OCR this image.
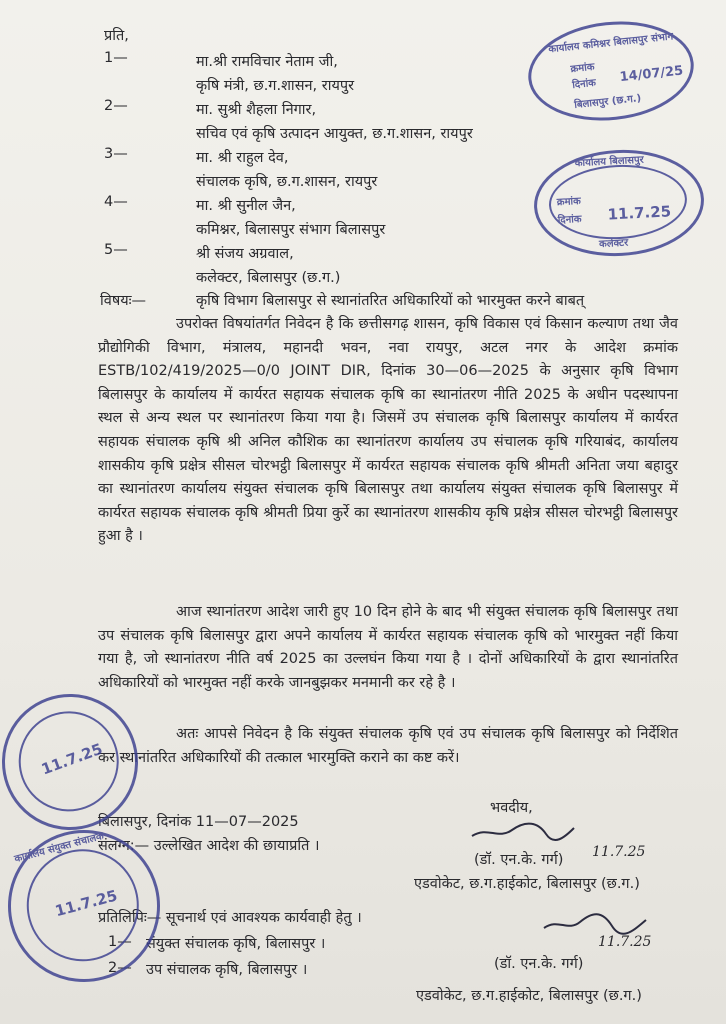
प्रति,
1—	मा.श्री रामविचार नेताम जी,
कृषि मंत्री, छ.ग.शासन, रायपुर
2—	मा. सुश्री शैहला निगार,
सचिव एवं कृषि उत्पादन आयुक्त, छ.ग.शासन, रायपुर
3—	मा. श्री राहुल देव,
संचालक कृषि, छ.ग.शासन, रायपुर
4—	मा. श्री सुनील जैन,
कमिश्नर, बिलासपुर संभाग बिलासपुर
5—	श्री संजय अग्रवाल,
कलेक्टर, बिलासपुर (छ.ग.)
विषयः—	कृषि विभाग बिलासपुर से स्थानांतरित अधिकारियों को भारमुक्त करने बाबत्
उपरोक्त विषयांतर्गत निवेदन है कि छत्तीसगढ़ शासन, कृषि विकास एवं किसान कल्याण तथा जैव प्रौद्योगिकी विभाग, मंत्रालय, महानदी भवन, नवा रायपुर, अटल नगर के आदेश क्रमांक ESTB/102/419/2025—0/0 JOINT DIR, दिनांक 30—06—2025 के अनुसार कृषि विभाग बिलासपुर के कार्यालय में कार्यरत सहायक संचालक कृषि का स्थानांतरण नीति 2025 के अधीन पदस्थापना स्थल से अन्य स्थल पर स्थानांतरण किया गया है। जिसमें उप संचालक कृषि बिलासपुर कार्यालय में कार्यरत सहायक संचालक कृषि श्री अनिल कौशिक का स्थानांतरण कार्यालय उप संचालक कृषि गरियाबंद, कार्यालय शासकीय कृषि प्रक्षेत्र सीसल चोरभट्ठी बिलासपुर में कार्यरत सहायक संचालक कृषि श्रीमती अनिता जया बहादुर का स्थानांतरण कार्यालय संयुक्त संचालक कृषि बिलासपुर तथा कार्यालय संयुक्त संचालक कृषि बिलासपुर में कार्यरत सहायक संचालक कृषि श्रीमती प्रिया कुर्रे का स्थानांतरण शासकीय कृषि प्रक्षेत्र सीसल चोरभट्ठी बिलासपुर हुआ है ।
आज स्थानांतरण आदेश जारी हुए 10 दिन होने के बाद भी संयुक्त संचालक कृषि बिलासपुर तथा उप संचालक कृषि बिलासपुर द्वारा अपने कार्यालय में कार्यरत सहायक संचालक कृषि को भारमुक्त नहीं किया गया है, जो स्थानांतरण नीति वर्ष 2025 का उल्लघंन किया गया है । दोनों अधिकारियों के द्वारा स्थानांतरित अधिकारियों को भारमुक्त नहीं करके जानबुझकर मनमानी कर रहे है ।
अतः आपसे निवेदन है कि संयुक्त संचालक कृषि एवं उप संचालक कृषि बिलासपुर को निर्देशित कर स्थानांतरित अधिकारियों की तत्काल भारमुक्ति कराने का कष्ट करें।
भवदीय,
बिलासपुर, दिनांक 11—07—2025
संलग्न:— उल्लेखित आदेश की छायाप्रति ।
(डॉ. एन.के. गर्ग) 11.7.25
एडवोकेट, छ.ग.हाईकोट, बिलासपुर (छ.ग.)
प्रतिलिपिः— सूचनार्थ एवं आवश्यक कार्यवाही हेतु ।
1— संयुक्त संचालक कृषि, बिलासपुर ।
2— उप संचालक कृषि, बिलासपुर ।
11.7.25
(डॉ. एन.के. गर्ग)
एडवोकेट, छ.ग.हाईकोट, बिलासपुर (छ.ग.)
कार्यालय कमिश्नर बिलासपुर संभाग
क्रमांक
दिनांक 14/07/25
बिलासपुर (छ.ग.)
कार्यालय बिलासपुर
क्रमांक
दिनांक 11.7.25
कलेक्टर
11.7.25
कार्यालय संयुक्त संचालक
11.7.25
